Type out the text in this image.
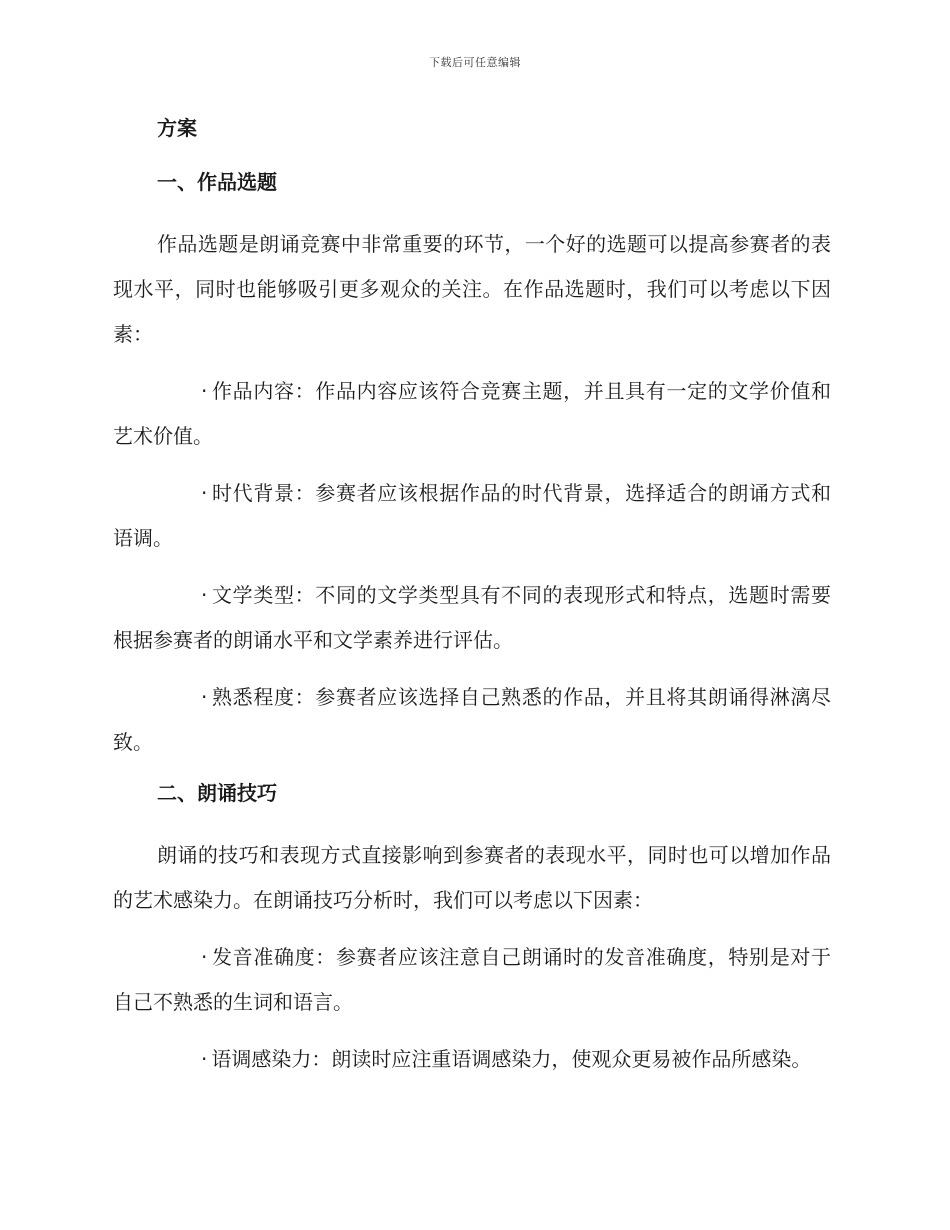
下载后可任意编辑
方案
一、作品选题

作品选题是朗诵竞赛中非常重要的环节，一个好的选题可以提高参赛者的表现水平，同时也能够吸引更多观众的关注。在作品选题时，我们可以考虑以下因素：

· 作品内容：作品内容应该符合竞赛主题，并且具有一定的文学价值和艺术价值。

· 时代背景：参赛者应该根据作品的时代背景，选择适合的朗诵方式和语调。

· 文学类型：不同的文学类型具有不同的表现形式和特点，选题时需要根据参赛者的朗诵水平和文学素养进行评估。

· 熟悉程度：参赛者应该选择自己熟悉的作品，并且将其朗诵得淋漓尽致。

二、朗诵技巧

朗诵的技巧和表现方式直接影响到参赛者的表现水平，同时也可以增加作品的艺术感染力。在朗诵技巧分析时，我们可以考虑以下因素：

· 发音准确度：参赛者应该注意自己朗诵时的发音准确度，特别是对于自己不熟悉的生词和语言。

· 语调感染力：朗读时应注重语调感染力，使观众更易被作品所感染。
